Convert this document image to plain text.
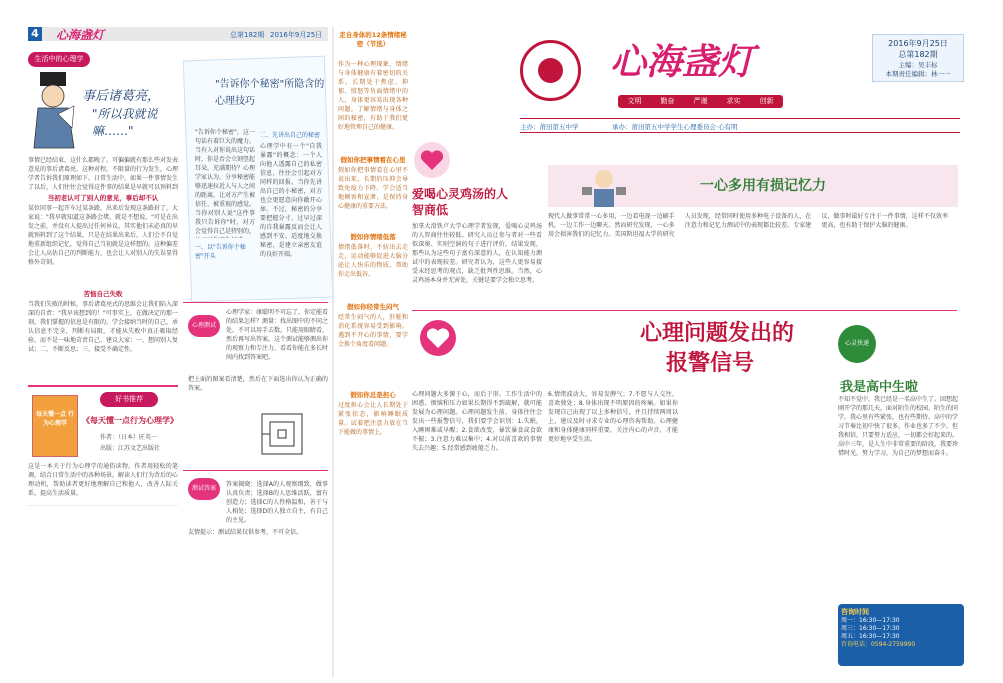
4 心海盏灯	总第182期 2016年9月25日
生活中的心理学
事后诸葛亮，
"所以我就说嘛……"
事情已经结束，这什么都晚了。可偏偏就有那么些对发表意见的事后诸葛亮，这种对程，不限量的行为发生，心理学者告诉我们原理如下。日常生活中，如果一件事情发生了以后，人们往往会觉得这件事的结果是早就可以预料到
当初老认可了别人的意见，事后却不认
某位同事一起开车过某条路，出来后发现这条路封了，大家说："我早就知道这条路会堵，就是不想说。"可是在出发之前，并没有人提出过任何异议。其实他们未必真的早就预料到了这个结果，只是在结果出来后，人们会不自觉地重新组织记忆，觉得自己当初就是这样想的。这种偏差会让人高估自己的判断能力，也会让人对别人的失误显得格外苛刻。
苦恼自己失败
当我们失败的时候，事后诸葛亮式的思维会让我们陷入深深的自责："我早该想到的！"可事实上，在做决定的那一刻，我们掌握的信息是有限的。学会接纳当时的自己，承认信息不完全、判断有局限，才能从失败中真正吸取经验，而不是一味地苛责自己。建议大家：一、想问别人复试；二、不断反思；三、接受不确定性。
每天懂一点 行为心理学
好书推荐
《每天懂一点行为心理学》
作者：（日本）匠英一
出版：江苏文艺出版社
这是一本关于行为心理学的通俗读物。作者用轻松的笔调，结合日常生活中的各种场景，解读人们行为背后的心理动机，帮助读者更好地理解自己和他人，改善人际关系，提高生活质量。
"告诉你个秘密"所隐含的
心理技巧
"告诉你个秘密"，这一句话有着巨大的魔力。当有人对你说出这句话时，你是否会立刻竖起耳朵，充满期待？心理学家认为，分享秘密能够迅速拉近人与人之间的距离，让对方产生被信任、被重视的感觉。当你对别人说"这件事我只告诉你"时，对方会觉得自己是特别的，
一、以"告诉你个秘密"开头
二、先讲出自己的秘密
心理学中有一个"自我暴露"的概念：一个人向他人透露自己的私密信息，往往会引起对方同样的回报。当你先讲出自己的小秘密，对方也会更愿意向你敞开心扉。不过，秘密的分享要把握分寸，过早过深的自我暴露反而会让人感到不安。适度地交换秘密，是建立亲密友谊的良好开端。
心理测试
心理学家：康聪明不可忘了，你定能看的结果怎样？测量：找出图中的不同之处，不可以用手去数，只能用眼睛看，然后再写出答案。这个测试能够测出你的观察力和专注力，看看你能在多长时间内找到答案吧。
把上面的图案看清楚，然后在下面选出你认为正确的答案。
测试答案
答案揭晓：选择A的人观察细致，做事认真负责；选择B的人思维活跃，富有创造力；选择C的人性格温和，善于与人相处；选择D的人独立自主，有自己的主见。
友情提示：测试结果仅供参考，不可全信。
走自身体的12条情绪秘密（节选）
作为一种心理现象，情绪与身体健康有着密切的关系。长期处于焦虑、抑郁、愤怒等负面情绪中的人，身体更容易出现各种问题。了解情绪与身体之间的秘密，有助于我们更好地管理自己的健康。
假如你把事情看在心里
假如你把事情看在心里不说出来，长期的压抑会导致免疫力下降。学会适当地倾诉和宣泄，是保持身心健康的重要方法。
假如你情绪低落
情绪低落时，不妨出去走走，运动能够促进大脑分泌让人快乐的物质，帮助你走出低谷。
假如你经常生闷气
经常生闷气的人，肝脏和消化系统容易受到影响。遇到不开心的事情，要学会换个角度看问题。
假如你总是担心
过度担心会让人长期处于紧张状态，影响睡眠质量。试着把注意力放在当下能做的事情上。
心海盏灯
文明	勤奋	严谨	求实	创新
2016年9月25日
总第182期
主编：吴丰标
本期责任编辑：林一一
主办：莆田第五中学	承办：莆田第五中学学生心理委员会·心有明
爱喝心灵鸡汤的人
智商低
加拿大滑铁卢大学心理学者发现，爱喝心灵鸡汤的人智商往往较低。研究人员让参与者对一些看似深奥、实则空洞的句子进行评价，结果发现，那些认为这些句子富有深意的人，在认知能力测试中的表现较差。研究者认为，这些人更容易接受未经思考的观点，缺乏批判性思维。当然，心灵鸡汤本身并无害处，关键是要学会独立思考。
一心多用有损记忆力
现代人做事常常一心多用，一边看电视一边刷手机，一边工作一边聊天。然而研究发现，一心多用会损害我们的记忆力。美国斯坦福大学的研究人员发现，经常同时使用多种电子设备的人，在注意力和记忆力测试中的表现都比较差。专家建议，做事时最好专注于一件事情，这样不仅效率更高，也有助于保护大脑的健康。
心理问题发出的
报警信号
心理问题大多源于心，而后于形。工作生活中的困惑、烦恼和压力如果长期得不到疏解，就可能发展为心理问题。心理问题发生前，身体往往会发出一些报警信号，我们要学会识别：1.失眠，入睡困难或早醒；2.食欲改变，暴饮暴食或食欲不振；3.注意力难以集中；4.对以前喜欢的事情失去兴趣；5.经常感到疲倦乏力。
6.情绪波动大，容易发脾气；7.不愿与人交往，喜欢独处；8.身体出现不明原因的疼痛。如果你发现自己出现了以上多种信号，并且持续两周以上，建议及时寻求专业的心理咨询帮助。心理健康和身体健康同样重要，关注内心的声音，才能更好地享受生活。
心灵快递
我是高中生啦
不知不觉中，我已经是一名高中生了。回想起刚开学的那几天，面对陌生的校园、陌生的同学，我心里有些紧张，也有些期待。高中的学习节奏比初中快了很多，作业也多了不少，但我相信，只要努力适应，一切都会好起来的。高中三年，是人生中非常重要的阶段，我要珍惜时光，努力学习，为自己的梦想而奋斗。
咨询时间
周一：16:30—17:30
周三：16:30—17:30
周五：16:30—17:30
咨询电话：0594-2759990
